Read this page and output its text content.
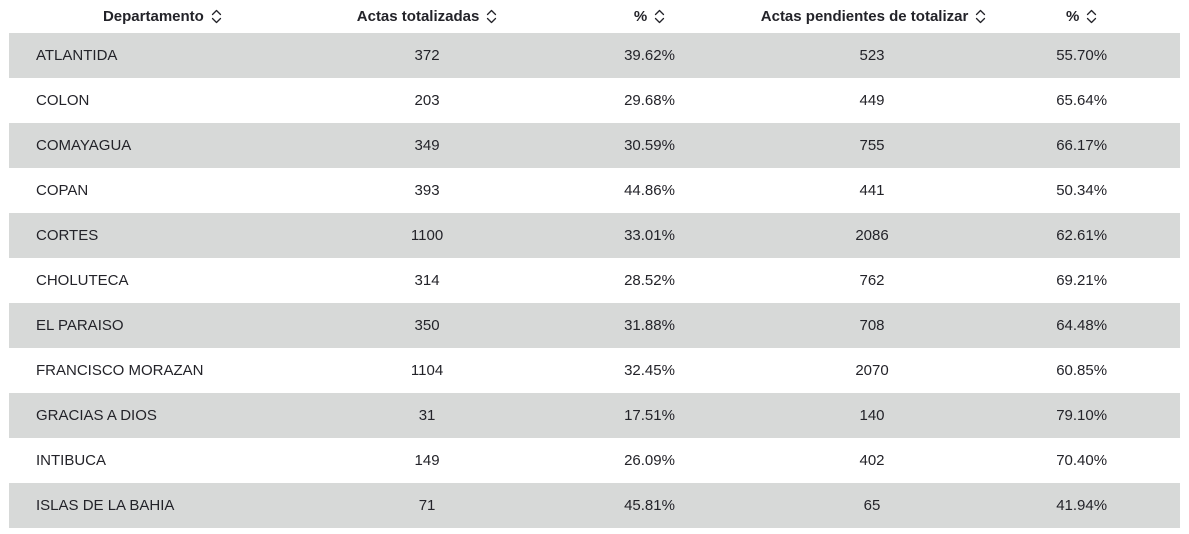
Departamento	Actas totalizadas	%	Actas pendientes de totalizar	%

ATLANTIDA	372	39.62%	523	55.70%
COLON	203	29.68%	449	65.64%
COMAYAGUA	349	30.59%	755	66.17%
COPAN	393	44.86%	441	50.34%
CORTES	1100	33.01%	2086	62.61%
CHOLUTECA	314	28.52%	762	69.21%
EL PARAISO	350	31.88%	708	64.48%
FRANCISCO MORAZAN	1104	32.45%	2070	60.85%
GRACIAS A DIOS	31	17.51%	140	79.10%
INTIBUCA	149	26.09%	402	70.40%
ISLAS DE LA BAHIA	71	45.81%	65	41.94%
